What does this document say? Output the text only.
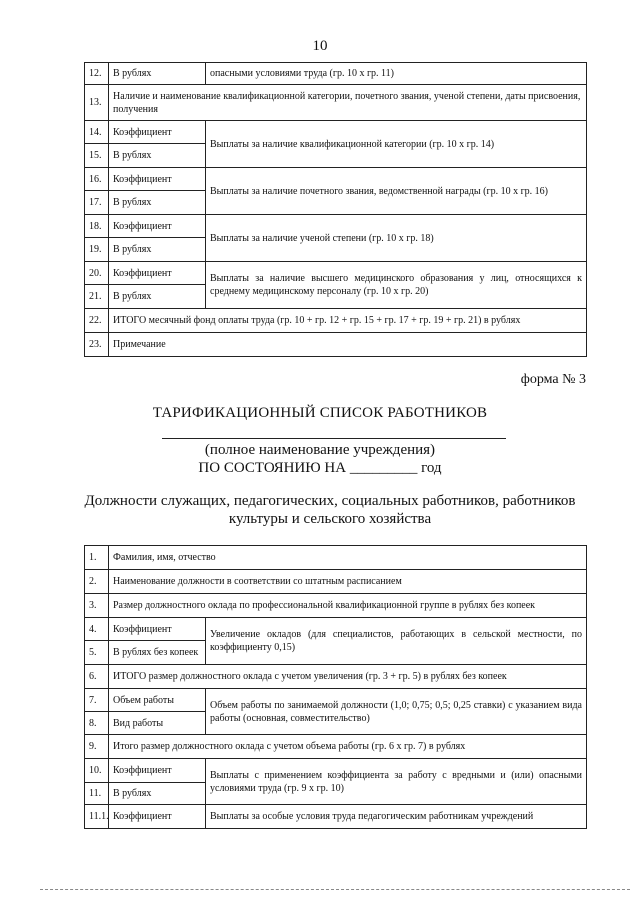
10
12.	В рублях	опасными условиями труда (гр. 10 х гр. 11)
13.	Наличие и наименование квалификационной категории, почетного звания, ученой степени, даты присвоения, получения	
14.	Коэффициент	Выплаты за наличие квалификационной категории (гр. 10 х гр. 14)
15.	В рублях	
16.	Коэффициент	Выплаты за наличие почетного звания, ведомственной награды (гр. 10 х гр. 16)
17.	В рублях	
18.	Коэффициент	Выплаты за наличие ученой степени (гр. 10 х гр. 18)
19.	В рублях	
20.	Коэффициент	Выплаты за наличие высшего медицинского образования у лиц, относящихся к среднему медицинскому персоналу (гр. 10 х гр. 20)
21.	В рублях	
22.	ИТОГО месячный фонд оплаты труда (гр. 10 + гр. 12 + гр. 15 + гр. 17 + гр. 19 + гр. 21) в рублях	
23.	Примечание	
форма № 3
ТАРИФИКАЦИОННЫЙ СПИСОК РАБОТНИКОВ
(полное наименование учреждения)
ПО СОСТОЯНИЮ НА _________ год
Должности служащих, педагогических, социальных работников, работников культуры и сельского хозяйства
1.	Фамилия, имя, отчество	
2.	Наименование должности в соответствии со штатным расписанием	
3.	Размер должностного оклада по профессиональной квалификационной группе в рублях без копеек	
4.	Коэффициент	Увеличение окладов (для специалистов, работающих в сельской местности, по коэффициенту 0,15)
5.	В рублях без копеек	
6.	ИТОГО размер должностного оклада с учетом увеличения (гр. 3 + гр. 5) в рублях без копеек	
7.	Объем работы	Объем работы по занимаемой должности (1,0; 0,75; 0,5; 0,25 ставки) с указанием вида работы (основная, совместительство)
8.	Вид работы	
9.	Итого размер должностного оклада с учетом объема работы (гр. 6 х гр. 7) в рублях	
10.	Коэффициент	Выплаты с применением коэффициента за работу с вредными и (или) опасными условиями труда (гр. 9 х гр. 10)
11.	В рублях	
11.1.	Коэффициент	Выплаты за особые условия труда педагогическим работникам учреждений
